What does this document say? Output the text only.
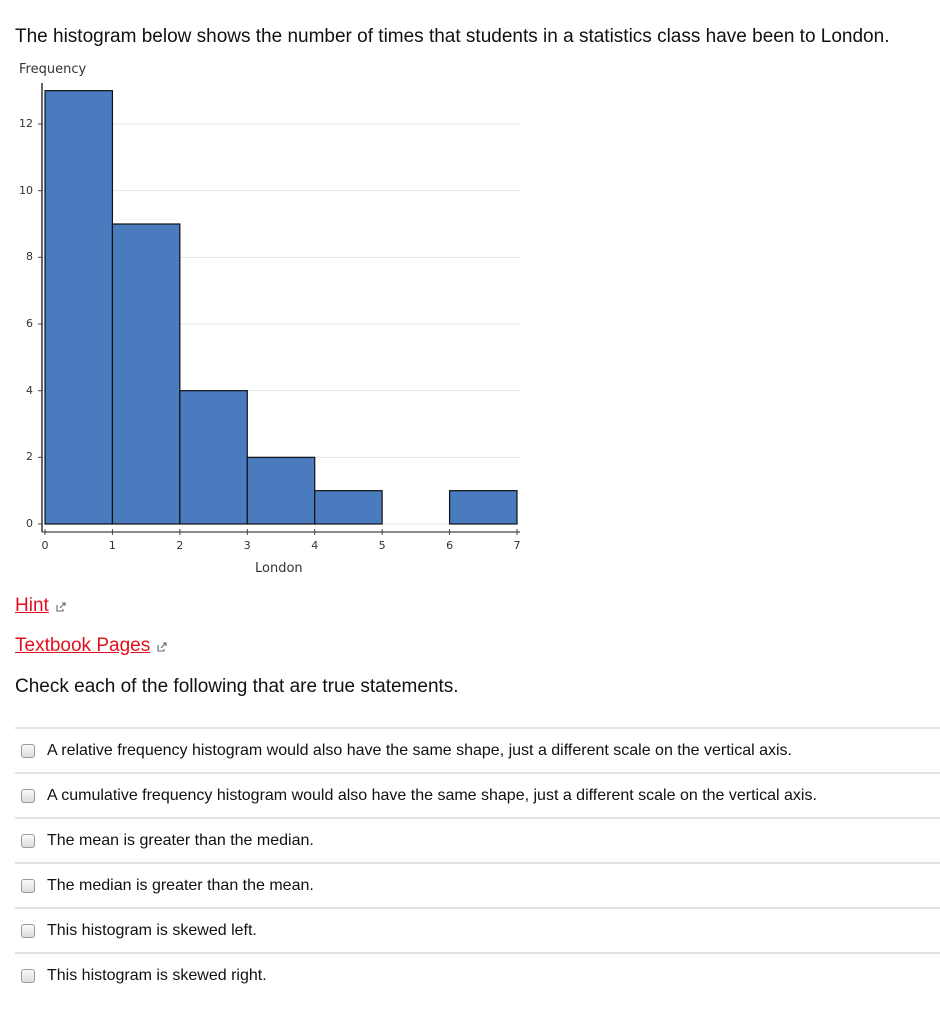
The histogram below shows the number of times that students in a statistics class have been to London.
Frequency
London
0
2
4
6
8
10
12
0	1	2	3	4	5	6	7
Hint
Textbook Pages
Check each of the following that are true statements.
A relative frequency histogram would also have the same shape, just a different scale on the vertical axis.
A cumulative frequency histogram would also have the same shape, just a different scale on the vertical axis.
The mean is greater than the median.
The median is greater than the mean.
This histogram is skewed left.
This histogram is skewed right.
